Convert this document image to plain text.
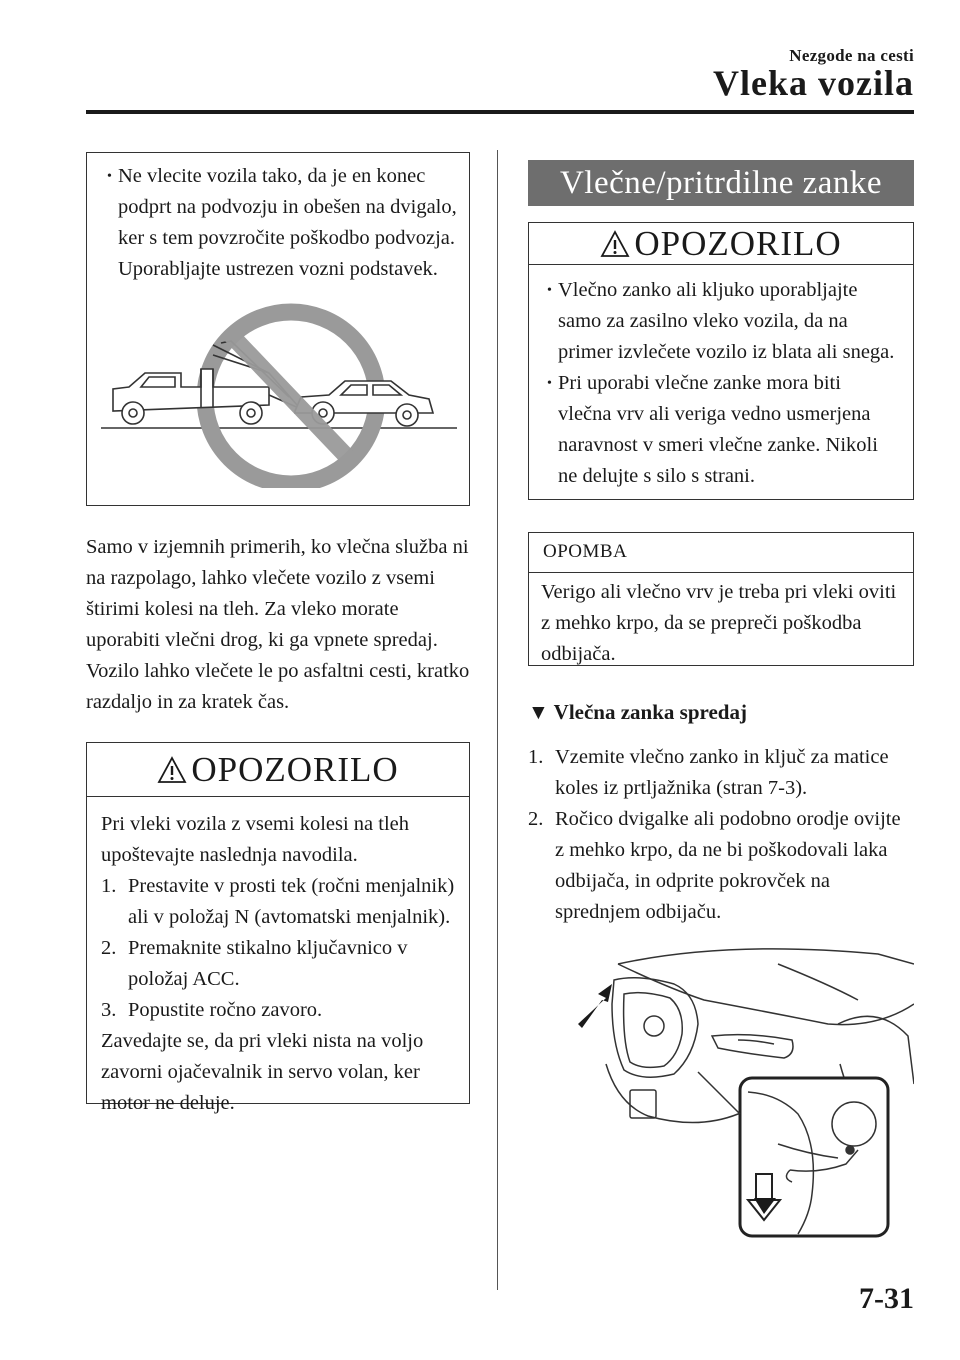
Nezgode na cesti
Vleka vozila
• Ne vlecite vozila tako, da je en konec podprt na podvozju in obešen na dvigalo, ker s tem povzročite poškodbo podvozja. Uporabljajte ustrezen vozni podstavek.
Samo v izjemnih primerih, ko vlečna služba ni na razpolago, lahko vlečete vozilo z vsemi štirimi kolesi na tleh. Za vleko morate uporabiti vlečni drog, ki ga vpnete spredaj.
Vozilo lahko vlečete le po asfaltni cesti, kratko razdaljo in za kratek čas.
OPOZORILO
Pri vleki vozila z vsemi kolesi na tleh upoštevajte naslednja navodila.
1. Prestavite v prosti tek (ročni menjalnik) ali v položaj N (avtomatski menjalnik).
2. Premaknite stikalno ključavnico v položaj ACC.
3. Popustite ročno zavoro.
Zavedajte se, da pri vleki nista na voljo zavorni ojačevalnik in servo volan, ker motor ne deluje.
Vlečne/pritrdilne zanke
OPOZORILO
• Vlečno zanko ali kljuko uporabljajte samo za zasilno vleko vozila, da na primer izvlečete vozilo iz blata ali snega.
• Pri uporabi vlečne zanke mora biti vlečna vrv ali veriga vedno usmerjena naravnost v smeri vlečne zanke. Nikoli ne delujte s silo s strani.
OPOMBA
Verigo ali vlečno vrv je treba pri vleki oviti z mehko krpo, da se prepreči poškodba odbijača.
▼ Vlečna zanka spredaj
1. Vzemite vlečno zanko in ključ za matice koles iz prtljažnika (stran 7-3).
2. Ročico dvigalke ali podobno orodje ovijte z mehko krpo, da ne bi poškodovali laka odbijača, in odprite pokrovček na sprednjem odbijaču.
7-31
